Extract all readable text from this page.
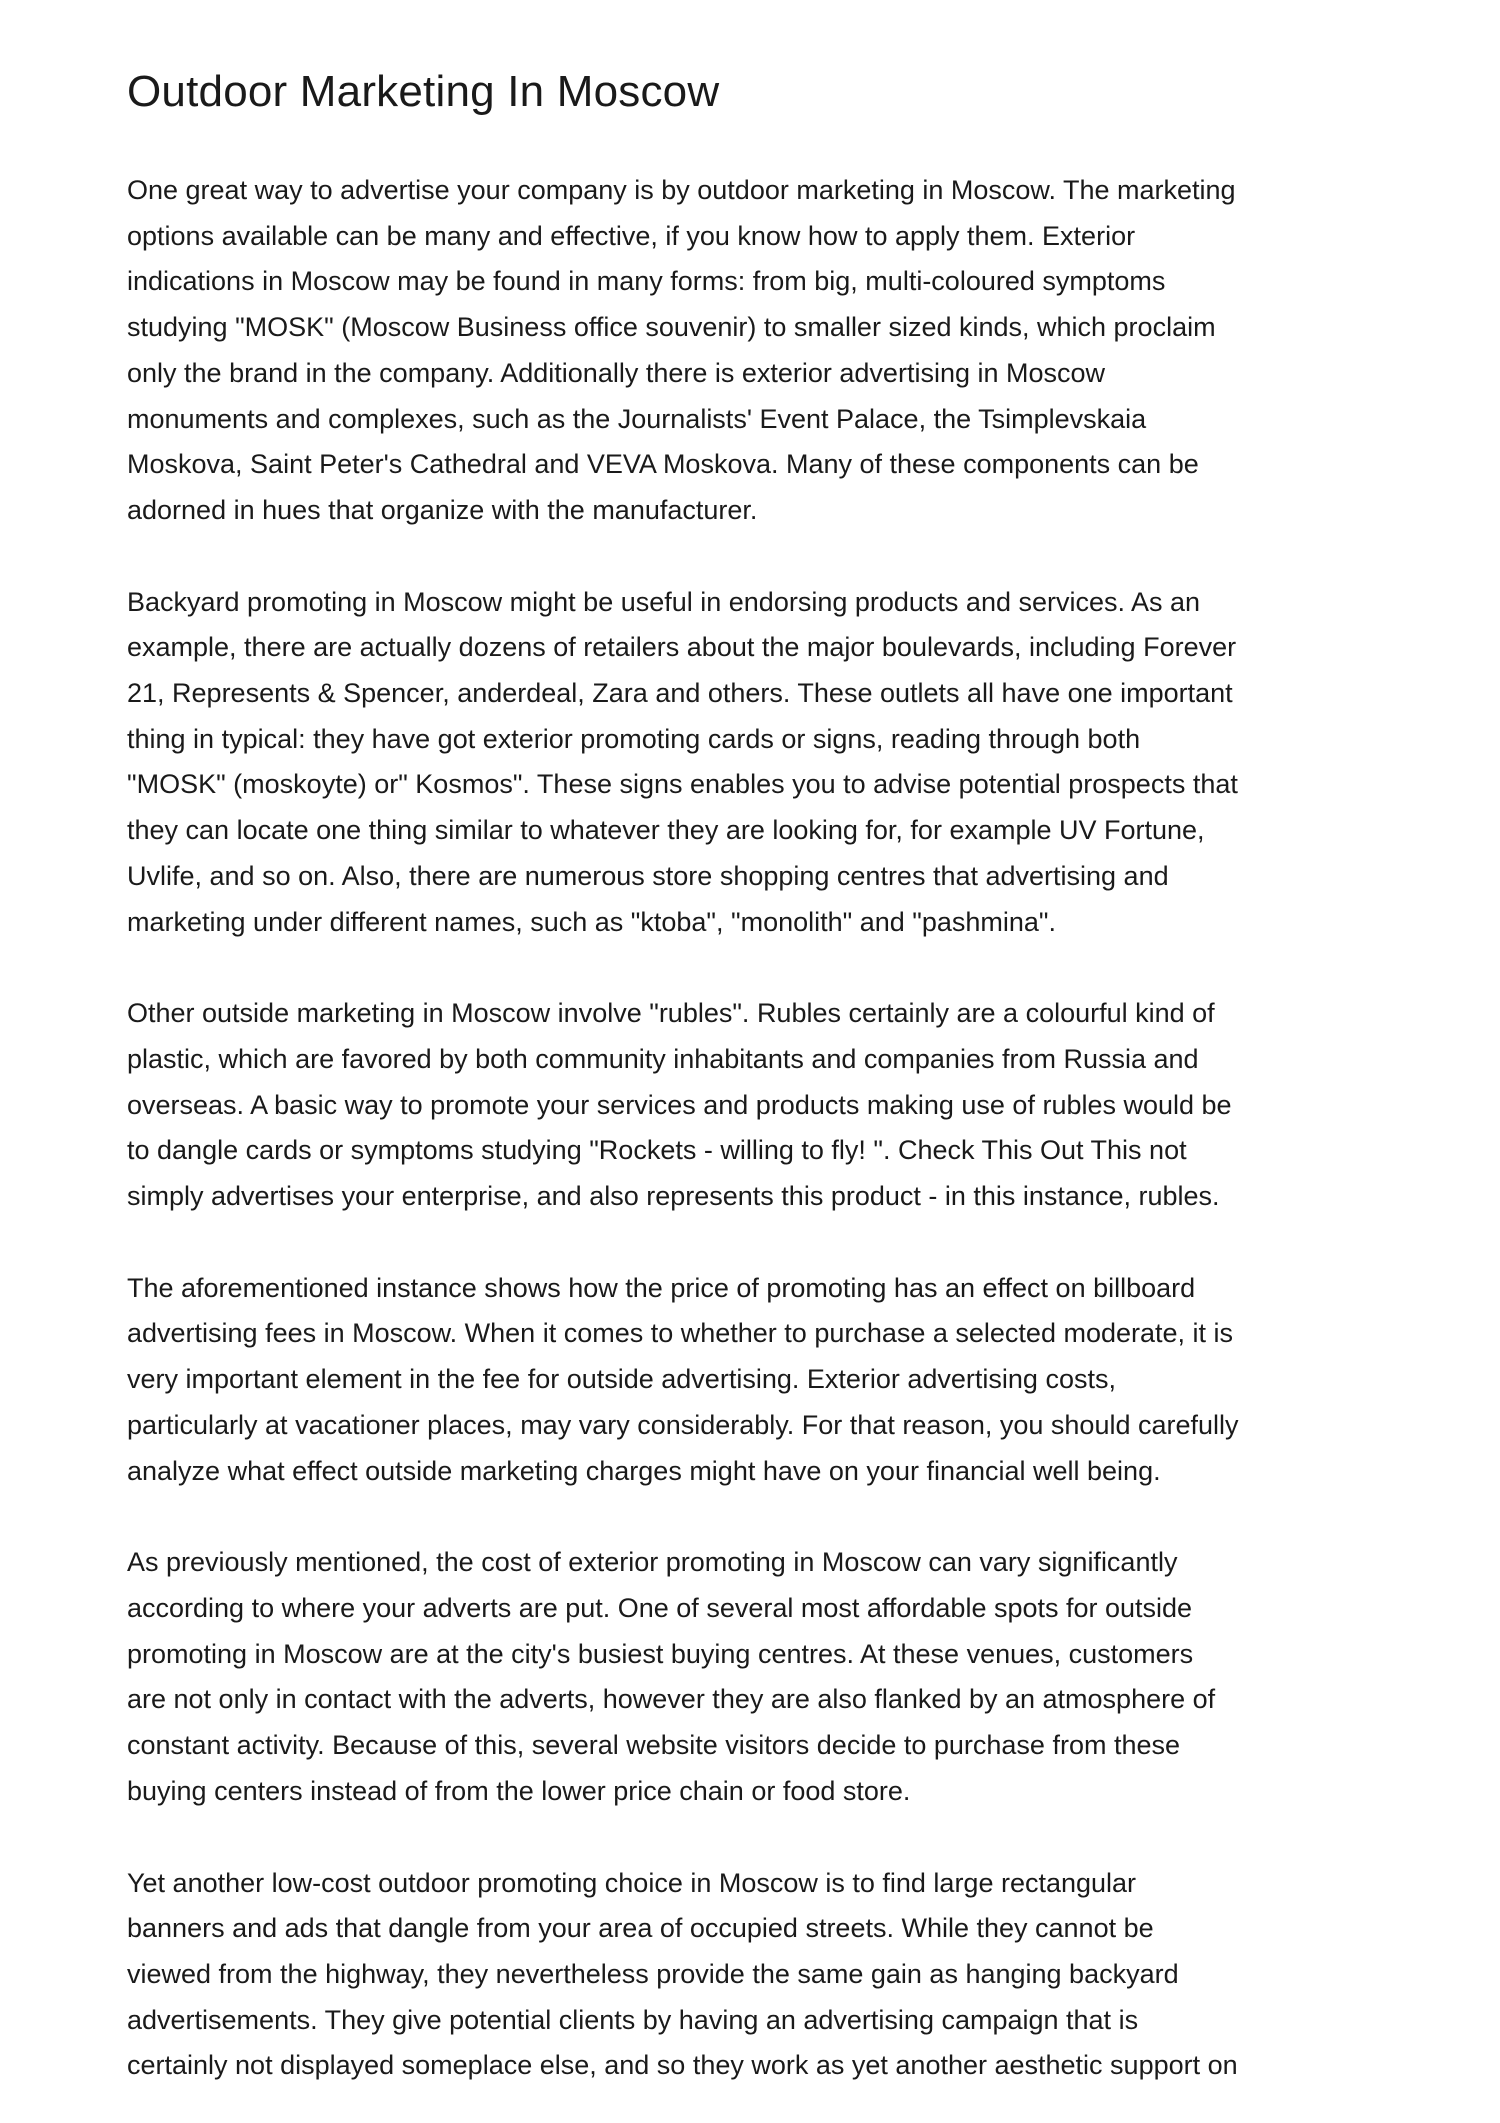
Outdoor Marketing In Moscow

One great way to advertise your company is by outdoor marketing in Moscow. The marketing
options available can be many and effective, if you know how to apply them. Exterior
indications in Moscow may be found in many forms: from big, multi-coloured symptoms
studying "MOSK" (Moscow Business office souvenir) to smaller sized kinds, which proclaim
only the brand in the company. Additionally there is exterior advertising in Moscow
monuments and complexes, such as the Journalists' Event Palace, the Tsimplevskaia
Moskova, Saint Peter's Cathedral and VEVA Moskova. Many of these components can be
adorned in hues that organize with the manufacturer.

Backyard promoting in Moscow might be useful in endorsing products and services. As an
example, there are actually dozens of retailers about the major boulevards, including Forever
21, Represents & Spencer, anderdeal, Zara and others. These outlets all have one important
thing in typical: they have got exterior promoting cards or signs, reading through both
"MOSK" (moskoyte) or" Kosmos". These signs enables you to advise potential prospects that
they can locate one thing similar to whatever they are looking for, for example UV Fortune,
Uvlife, and so on. Also, there are numerous store shopping centres that advertising and
marketing under different names, such as "ktoba", "monolith" and "pashmina".

Other outside marketing in Moscow involve "rubles". Rubles certainly are a colourful kind of
plastic, which are favored by both community inhabitants and companies from Russia and
overseas. A basic way to promote your services and products making use of rubles would be
to dangle cards or symptoms studying "Rockets - willing to fly! ". Check This Out This not
simply advertises your enterprise, and also represents this product - in this instance, rubles.

The aforementioned instance shows how the price of promoting has an effect on billboard
advertising fees in Moscow. When it comes to whether to purchase a selected moderate, it is
very important element in the fee for outside advertising. Exterior advertising costs,
particularly at vacationer places, may vary considerably. For that reason, you should carefully
analyze what effect outside marketing charges might have on your financial well being.

As previously mentioned, the cost of exterior promoting in Moscow can vary significantly
according to where your adverts are put. One of several most affordable spots for outside
promoting in Moscow are at the city's busiest buying centres. At these venues, customers
are not only in contact with the adverts, however they are also flanked by an atmosphere of
constant activity. Because of this, several website visitors decide to purchase from these
buying centers instead of from the lower price chain or food store.

Yet another low-cost outdoor promoting choice in Moscow is to find large rectangular
banners and ads that dangle from your area of occupied streets. While they cannot be
viewed from the highway, they nevertheless provide the same gain as hanging backyard
advertisements. They give potential clients by having an advertising campaign that is
certainly not displayed someplace else, and so they work as yet another aesthetic support on
